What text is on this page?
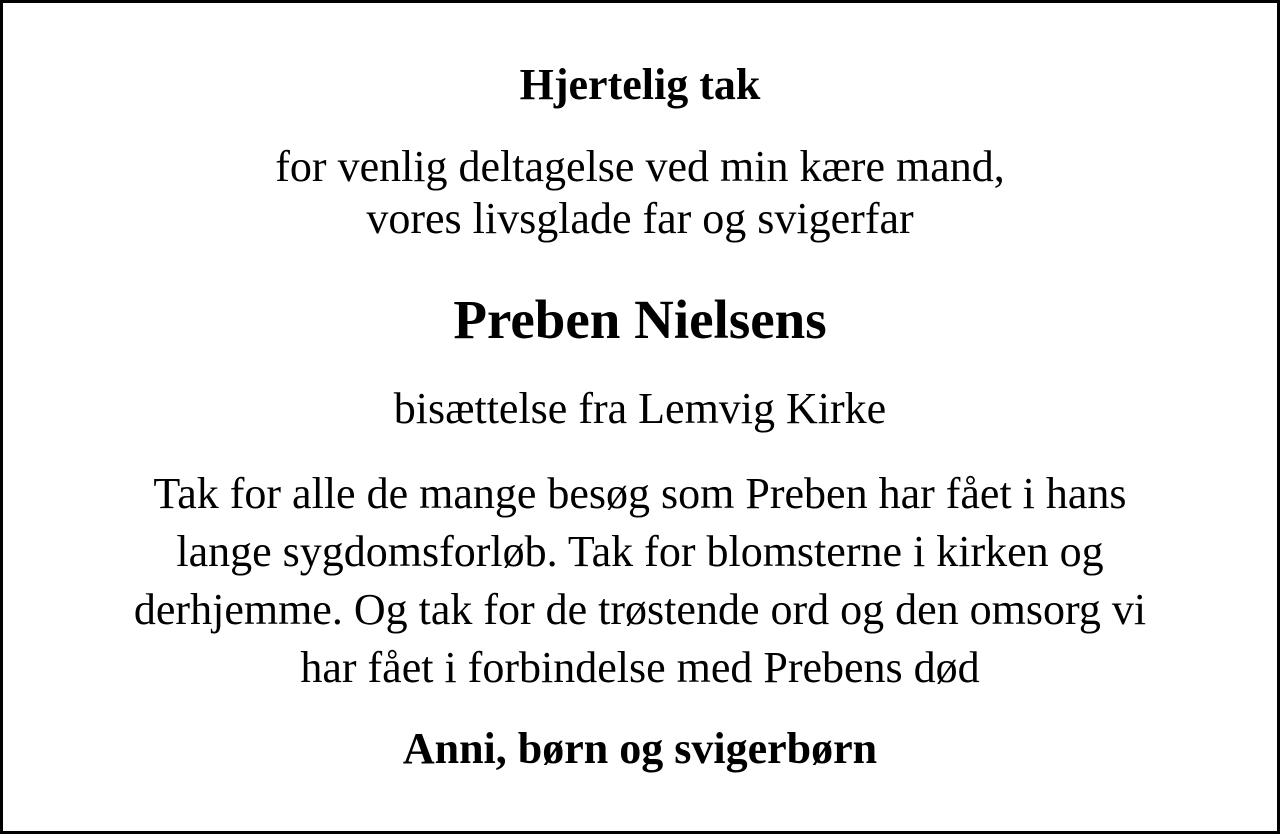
Hjertelig tak

for venlig deltagelse ved min kære mand,
vores livsglade far og svigerfar

Preben Nielsens

bisættelse fra Lemvig Kirke

Tak for alle de mange besøg som Preben har fået i hans
lange sygdomsforløb. Tak for blomsterne i kirken og
derhjemme. Og tak for de trøstende ord og den omsorg vi
har fået i forbindelse med Prebens død

Anni, børn og svigerbørn
